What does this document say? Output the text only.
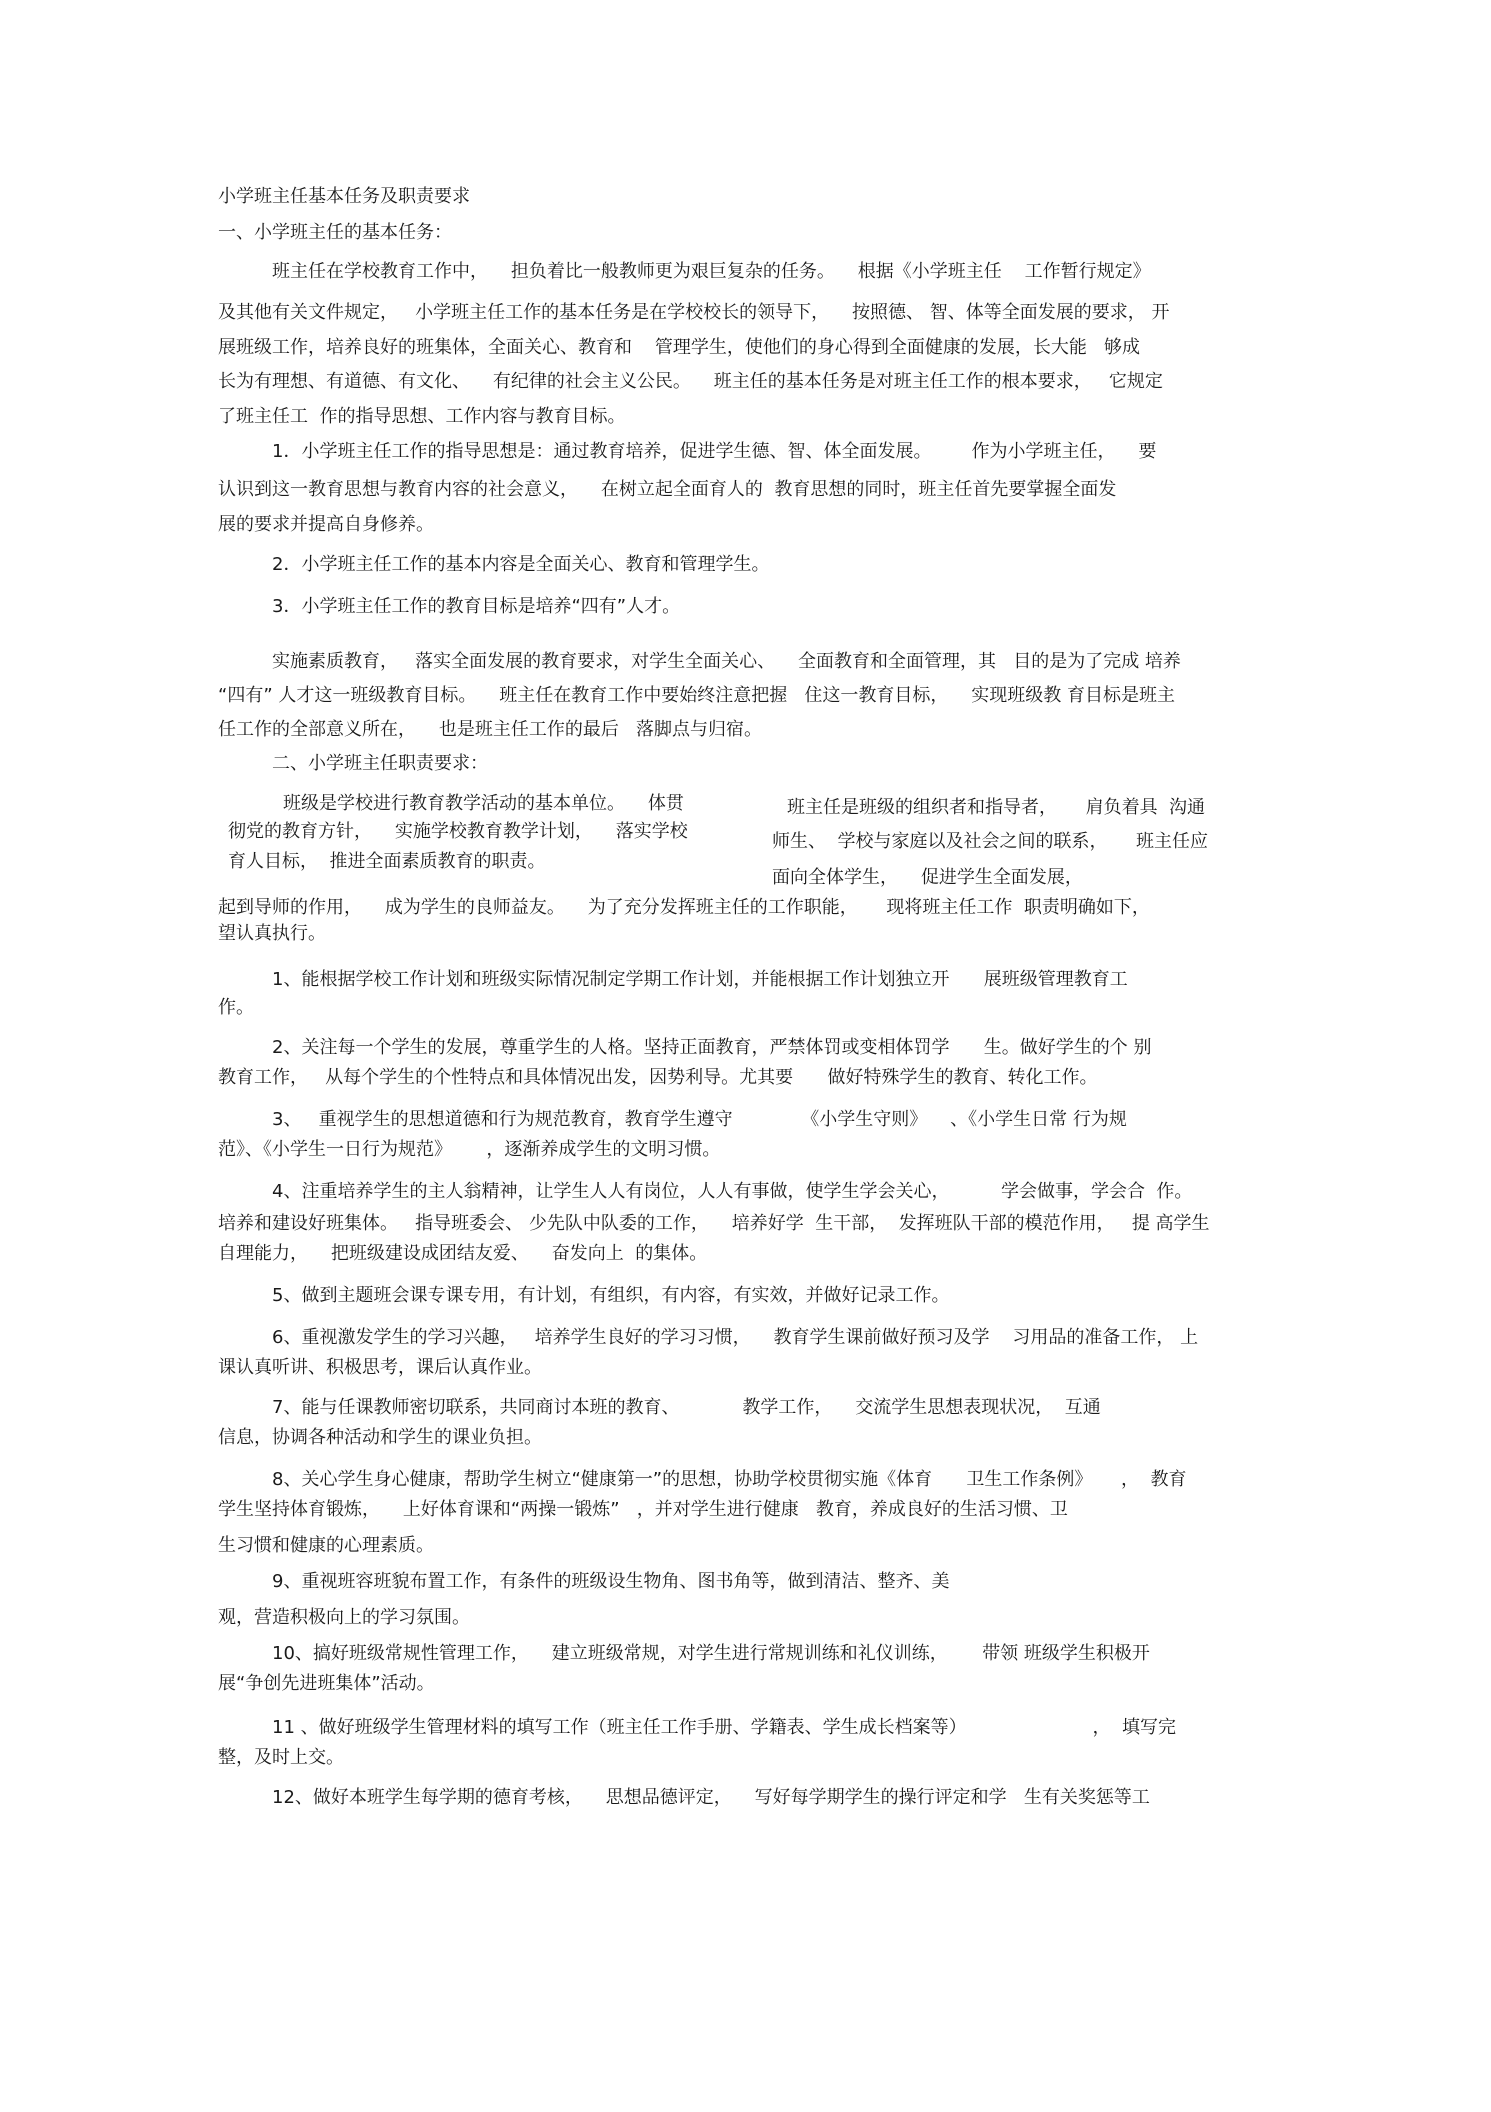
小学班主任基本任务及职责要求

一、小学班主任的基本任务：

班主任在学校教育工作中，    担负着比一般教师更为艰巨复杂的任务。    根据《小学班主任    工作暂行规定》

及其他有关文件规定，   小学班主任工作的基本任务是在学校校长的领导下，    按照德、 智、体等全面发展的要求， 开

展班级工作，培养良好的班集体，全面关心、教育和    管理学生，使他们的身心得到全面健康的发展，长大能   够成

长为有理想、有道德、有文化、    有纪律的社会主义公民。    班主任的基本任务是对班主任工作的根本要求，   它规定

了班主任工  作的指导思想、工作内容与教育目标。

1．小学班主任工作的指导思想是：通过教育培养，促进学生德、智、体全面发展。       作为小学班主任，    要

认识到这一教育思想与教育内容的社会意义，    在树立起全面育人的  教育思想的同时，班主任首先要掌握全面发

展的要求并提高自身修养。

2．小学班主任工作的基本内容是全面关心、教育和管理学生。

3．小学班主任工作的教育目标是培养“四有”人才。

实施素质教育，   落实全面发展的教育要求，对学生全面关心、    全面教育和全面管理，其   目的是为了完成 培养

“四有” 人才这一班级教育目标。    班主任在教育工作中要始终注意把握   住这一教育目标，    实现班级教 育目标是班主

任工作的全部意义所在，    也是班主任工作的最后   落脚点与归宿。

二、小学班主任职责要求：

班级是学校进行教育教学活动的基本单位。    体贯	班主任是班级的组织者和指导者，     肩负着具  沟通

彻党的教育方针，    实施学校教育教学计划，    落实学校	师生、  学校与家庭以及社会之间的联系，     班主任应

育人目标，  推进全面素质教育的职责。

面向全体学生，    促进学生全面发展，

起到导师的作用，    成为学生的良师益友。    为了充分发挥班主任的工作职能，     现将班主任工作  职责明确如下，

望认真执行。

1、能根据学校工作计划和班级实际情况制定学期工作计划，并能根据工作计划独立开      展班级管理教育工

作。

2、关注每一个学生的发展，尊重学生的人格。坚持正面教育，严禁体罚或变相体罚学      生。做好学生的个 别

教育工作，   从每个学生的个性特点和具体情况出发，因势利导。尤其要      做好特殊学生的教育、转化工作。

3、   重视学生的思想道德和行为规范教育，教育学生遵守            《小学生守则》    、《小学生日常 行为规

范》、《小学生一日行为规范》      ，逐渐养成学生的文明习惯。

4、注重培养学生的主人翁精神，让学生人人有岗位，人人有事做，使学生学会关心，         学会做事，学会合  作。

培养和建设好班集体。   指导班委会、 少先队中队委的工作，    培养好学  生干部，  发挥班队干部的模范作用，   提 高学生

自理能力，    把班级建设成团结友爱、    奋发向上  的集体。

5、做到主题班会课专课专用，有计划，有组织，有内容，有实效，并做好记录工作。

6、重视激发学生的学习兴趣，   培养学生良好的学习习惯，    教育学生课前做好预习及学    习用品的准备工作， 上

课认真听讲、积极思考，课后认真作业。

7、能与任课教师密切联系，共同商讨本班的教育、           教学工作，    交流学生思想表现状况，  互通

信息，协调各种活动和学生的课业负担。

8、关心学生身心健康，帮助学生树立“健康第一”的思想，协助学校贯彻实施《体育      卫生工作条例》     ，  教育

学生坚持体育锻炼，    上好体育课和“两操一锻炼”   ，并对学生进行健康   教育，养成良好的生活习惯、卫

生习惯和健康的心理素质。

9、重视班容班貌布置工作，有条件的班级设生物角、图书角等，做到清洁、整齐、美

观，营造积极向上的学习氛围。

10、搞好班级常规性管理工作，    建立班级常规，对学生进行常规训练和礼仪训练，      带领 班级学生积极开

展“争创先进班集体”活动。

11 、做好班级学生管理材料的填写工作（班主任工作手册、学籍表、学生成长档案等）                      ，  填写完

整，及时上交。

12、做好本班学生每学期的德育考核，    思想品德评定，    写好每学期学生的操行评定和学   生有关奖惩等工
